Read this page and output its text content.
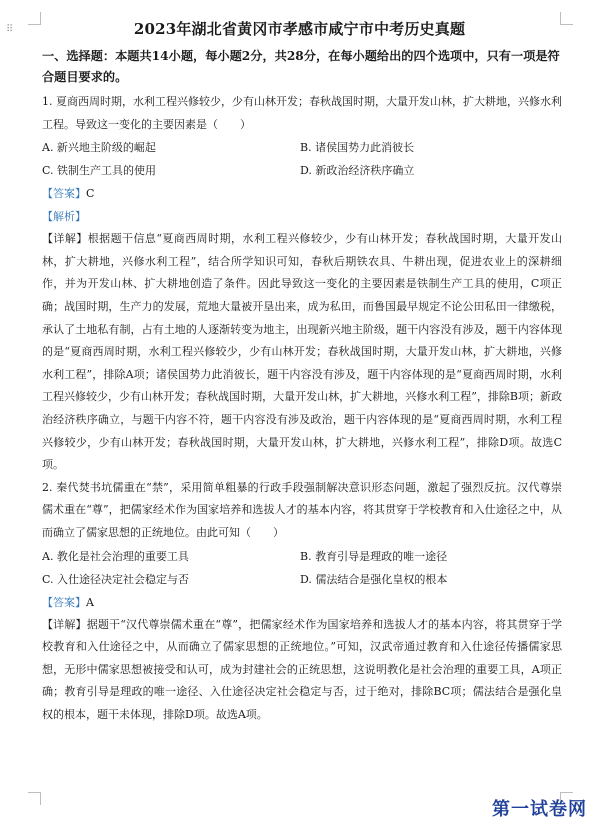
⠿	2023年湖北省黄冈市孝感市咸宁市中考历史真题
一、选择题：本题共14小题，每小题2分，共28分，在每小题给出的四个选项中，只有一项是符合题目要求的。

1. 夏商西周时期，水利工程兴修较少，少有山林开发；春秋战国时期，大量开发山林，扩大耕地，兴修水利工程。导致这一变化的主要因素是（　　）

A. 新兴地主阶级的崛起	B. 诸侯国势力此消彼长
C. 铁制生产工具的使用	D. 新政治经济秩序确立
【答案】C
【解析】

【详解】根据题干信息“夏商西周时期，水利工程兴修较少，少有山林开发；春秋战国时期，大量开发山林，扩大耕地，兴修水利工程”，结合所学知识可知，春秋后期铁农具、牛耕出现，促进农业上的深耕细作，并为开发山林、扩大耕地创造了条件。因此导致这一变化的主要因素是铁制生产工具的使用，C项正确；战国时期，生产力的发展，荒地大量被开垦出来，成为私田，而鲁国最早规定不论公田私田一律缴税，承认了土地私有制，占有土地的人逐渐转变为地主，出现新兴地主阶级，题干内容没有涉及，题干内容体现的是“夏商西周时期，水利工程兴修较少，少有山林开发；春秋战国时期，大量开发山林，扩大耕地，兴修水利工程”，排除A项；诸侯国势力此消彼长，题干内容没有涉及，题干内容体现的是“夏商西周时期，水利工程兴修较少，少有山林开发；春秋战国时期，大量开发山林，扩大耕地，兴修水利工程”，排除B项；新政治经济秩序确立，与题干内容不符，题干内容没有涉及政治，题干内容体现的是“夏商西周时期，水利工程兴修较少，少有山林开发；春秋战国时期，大量开发山林，扩大耕地，兴修水利工程”，排除D项。故选C项。

2. 秦代焚书坑儒重在“禁”，采用简单粗暴的行政手段强制解决意识形态问题，激起了强烈反抗。汉代尊崇儒术重在“尊”，把儒家经术作为国家培养和选拔人才的基本内容，将其贯穿于学校教育和入仕途径之中，从而确立了儒家思想的正统地位。由此可知（　　）

A. 教化是社会治理的重要工具	B. 教育引导是理政的唯一途径
C. 入仕途径决定社会稳定与否	D. 儒法结合是强化皇权的根本
【答案】A

【详解】据题干“汉代尊崇儒术重在“尊”，把儒家经术作为国家培养和选拔人才的基本内容，将其贯穿于学校教育和入仕途径之中，从而确立了儒家思想的正统地位。”可知，汉武帝通过教育和入仕途径传播儒家思想，无形中儒家思想被接受和认可，成为封建社会的正统思想，这说明教化是社会治理的重要工具，A项正确；教育引导是理政的唯一途径、入仕途径决定社会稳定与否，过于绝对，排除BC项；儒法结合是强化皇权的根本，题干未体现，排除D项。故选A项。

第一试卷网
